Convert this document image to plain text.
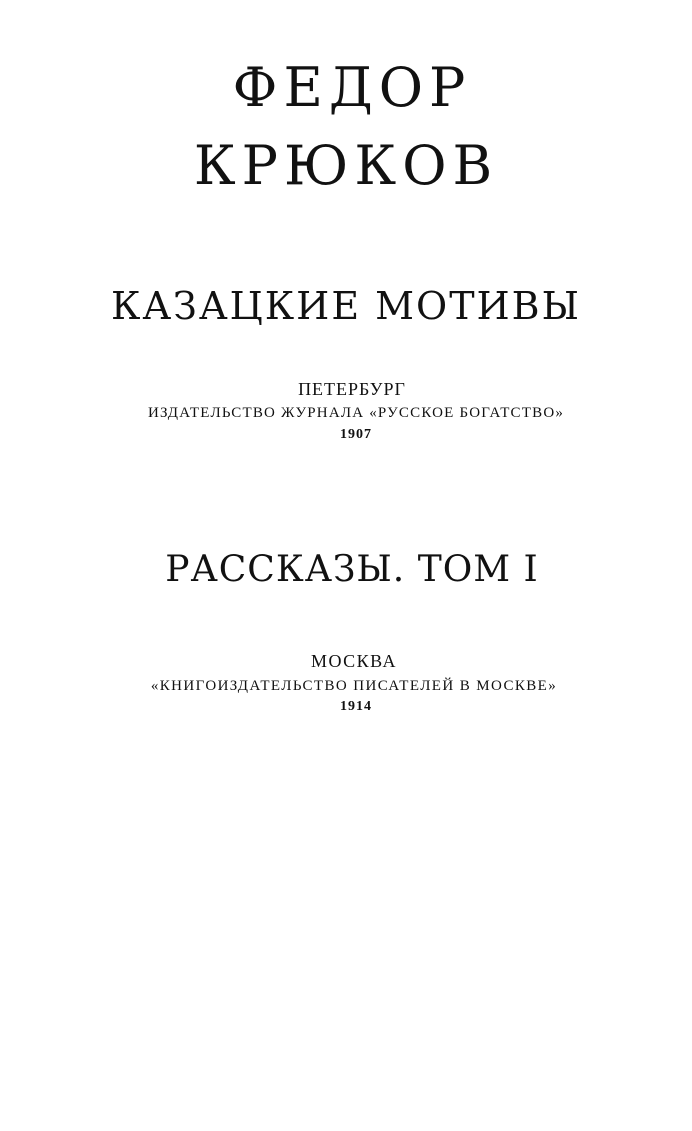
ФЕДОР
КРЮКОВ
КАЗАЦКИЕ МОТИВЫ
ПЕТЕРБУРГ
ИЗДАТЕЛЬСТВО ЖУРНАЛА «РУССКОЕ БОГАТСТВО»
1907
РАССКАЗЫ. ТОМ I
МОСКВА
«КНИГОИЗДАТЕЛЬСТВО ПИСАТЕЛЕЙ В МОСКВЕ»
1914
